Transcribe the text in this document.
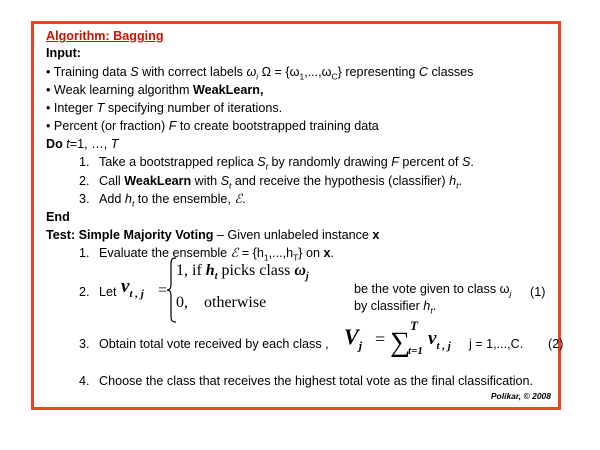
Algorithm: Bagging
Input:
• Training data S with correct labels $\omega_i$ $\Omega = \{\omega_1,...,\omega_C\}$ representing C classes
• Weak learning algorithm WeakLearn,
• Integer T specifying number of iterations.
• Percent (or fraction) F to create bootstrapped training data
Do t=1, …, T
1. Take a bootstrapped replica $S_t$ by randomly drawing F percent of S.
2. Call WeakLearn with $S_t$ and receive the hypothesis (classifier) $h_t$.
3. Add $h_t$ to the ensemble, ℰ.
End
Test: Simple Majority Voting – Given unlabeled instance x
1. Evaluate the ensemble ℰ = $\{h_1,...,h_T\}$ on x.
2. Let $v_{t , j}$ =
1, if $h_t$ picks class $\omega_j$
0,    otherwise
be the vote given to class $\omega_j$
by classifier $h_t$.
(1)
3. Obtain total vote received by each class , $V_j$ = ∑
T
t=1
$v_{t , j}$ j = 1,...,C. (2)
4. Choose the class that receives the highest total vote as the final classification.
Polikar, © 2008
